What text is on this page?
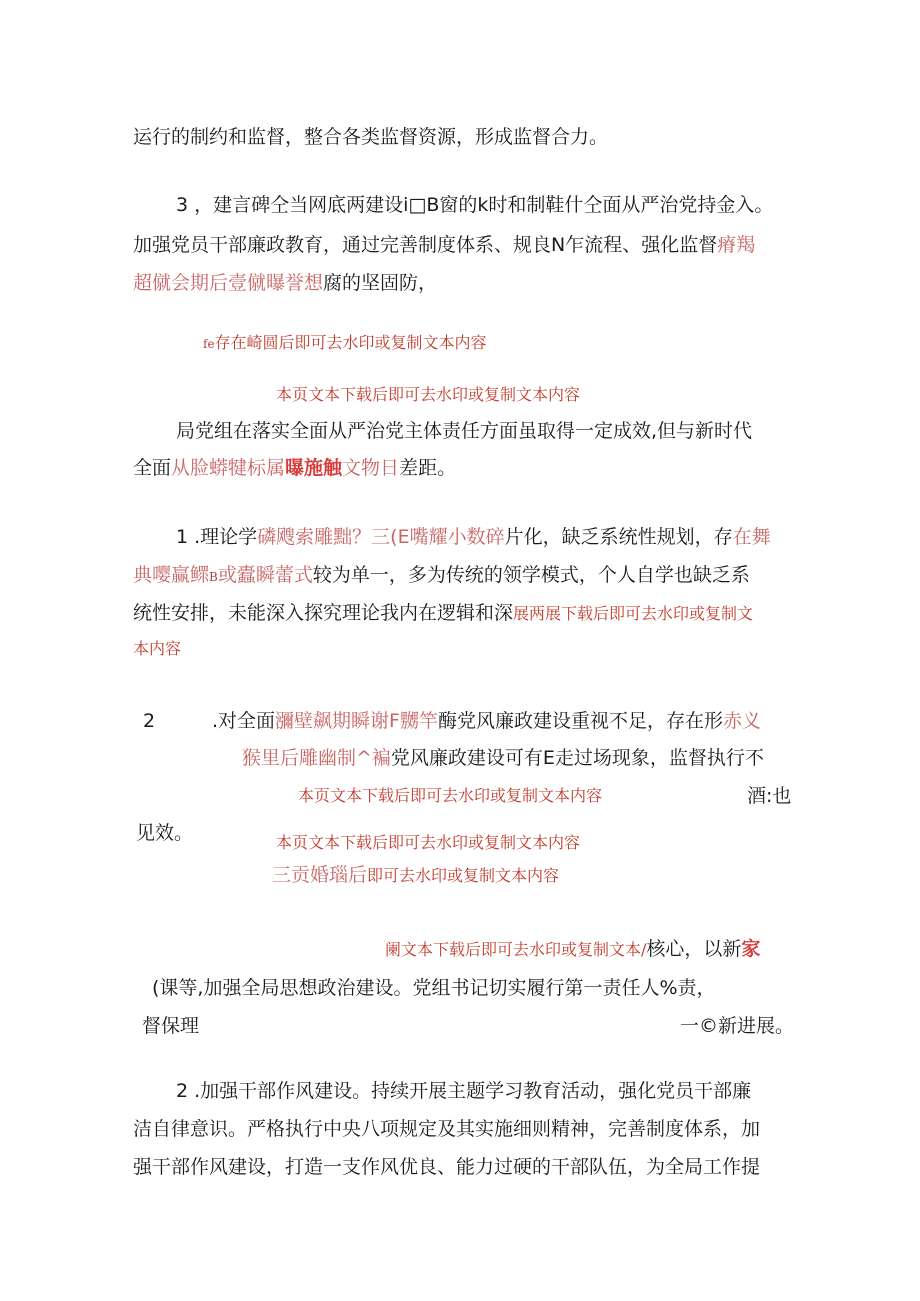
运行的制约和监督，整合各类监督资源，形成监督合力。
3 ，建言碑仝当网底两建设i□B窗的k时和制鞋什仝面从严治党持金入。
加强党员干部廉政教育，通过完善制度体系、规良N乍流程、强化监督瘠羯
超僦会期后壹僦曝誉想腐的坚固防，
fe存在崎圆后即可去水印或复制文本内容
本页文本下载后即可去水印或复制文本内容
局党组在落实全面从严治党主体责任方面虽取得一定成效,但与新时代
全面从脸蟒犍标属曝施触文物日差距。
1 .理论学磷飕索雕黜？三(E嘴耀小数碎片化，缺乏系统性规划，存在舞
典嘤赢鳏B或蠹瞬蕾式较为单一，多为传统的领学模式，个人自学也缺乏系
统性安排，未能深入探究理论我内在逻辑和深展两展下载后即可去水印或复制文
本内容
2	.对全面瀰壁飙期瞬谢F嬲竿酶党风廉政建设重视不足，存在形赤义
猴里后雕幽制^褊党风廉政建设可有E走过场现象，监督执行不
本页文本下载后即可去水印或复制文本内容	酒:也
见效。	本页文本下载后即可去水印或复制文本内容
三贡婚瑙后即可去水印或复制文本内容
阑文本下载后即可去水印或复制文本/核心，以新家
(课等,加强全局思想政治建设。党组书记切实履行第一责任人%责，
督保理	一©新进展。
2 .加强干部作风建设。持续开展主题学习教育活动，强化党员干部廉
洁自律意识。严格执行中央八项规定及其实施细则精神，完善制度体系，加
强干部作风建设，打造一支作风优良、能力过硬的干部队伍，为全局工作提
